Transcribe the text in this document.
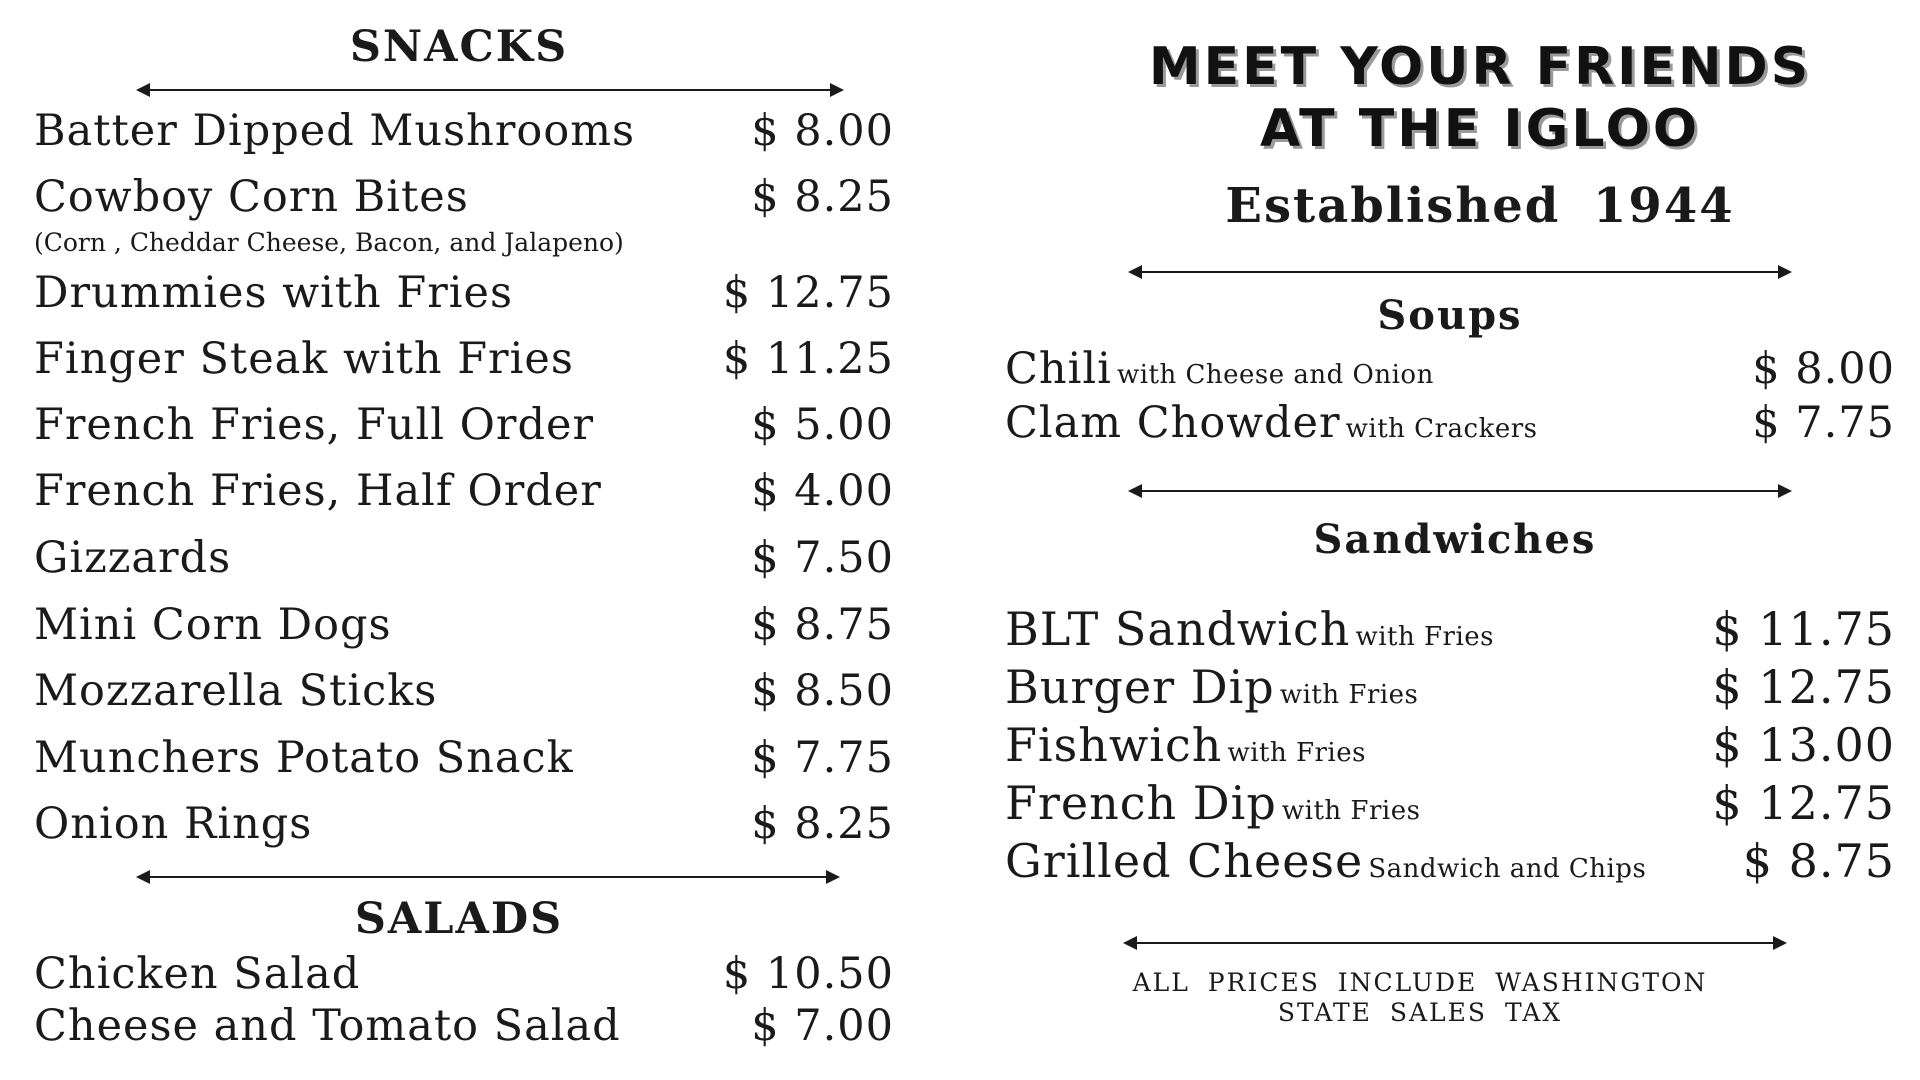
SNACKS
Batter Dipped Mushrooms	$ 8.00
Cowboy Corn Bites	$ 8.25
(Corn , Cheddar Cheese, Bacon, and Jalapeno)
Drummies with Fries	$ 12.75
Finger Steak with Fries	$ 11.25
French Fries, Full Order	$ 5.00
French Fries, Half Order	$ 4.00
Gizzards	$ 7.50
Mini Corn Dogs	$ 8.75
Mozzarella Sticks	$ 8.50
Munchers Potato Snack	$ 7.75
Onion Rings	$ 8.25
SALADS
Chicken Salad	$ 10.50
Cheese and Tomato Salad	$ 7.00
MEET YOUR FRIENDS
AT THE IGLOO
Established 1944
Soups
Chili with Cheese and Onion	$ 8.00
Clam Chowder with Crackers	$ 7.75
Sandwiches
BLT Sandwich with Fries	$ 11.75
Burger Dip with Fries	$ 12.75
Fishwich with Fries	$ 13.00
French Dip with Fries	$ 12.75
Grilled Cheese Sandwich and Chips $ 8.75
ALL PRICES INCLUDE WASHINGTON
STATE SALES TAX
